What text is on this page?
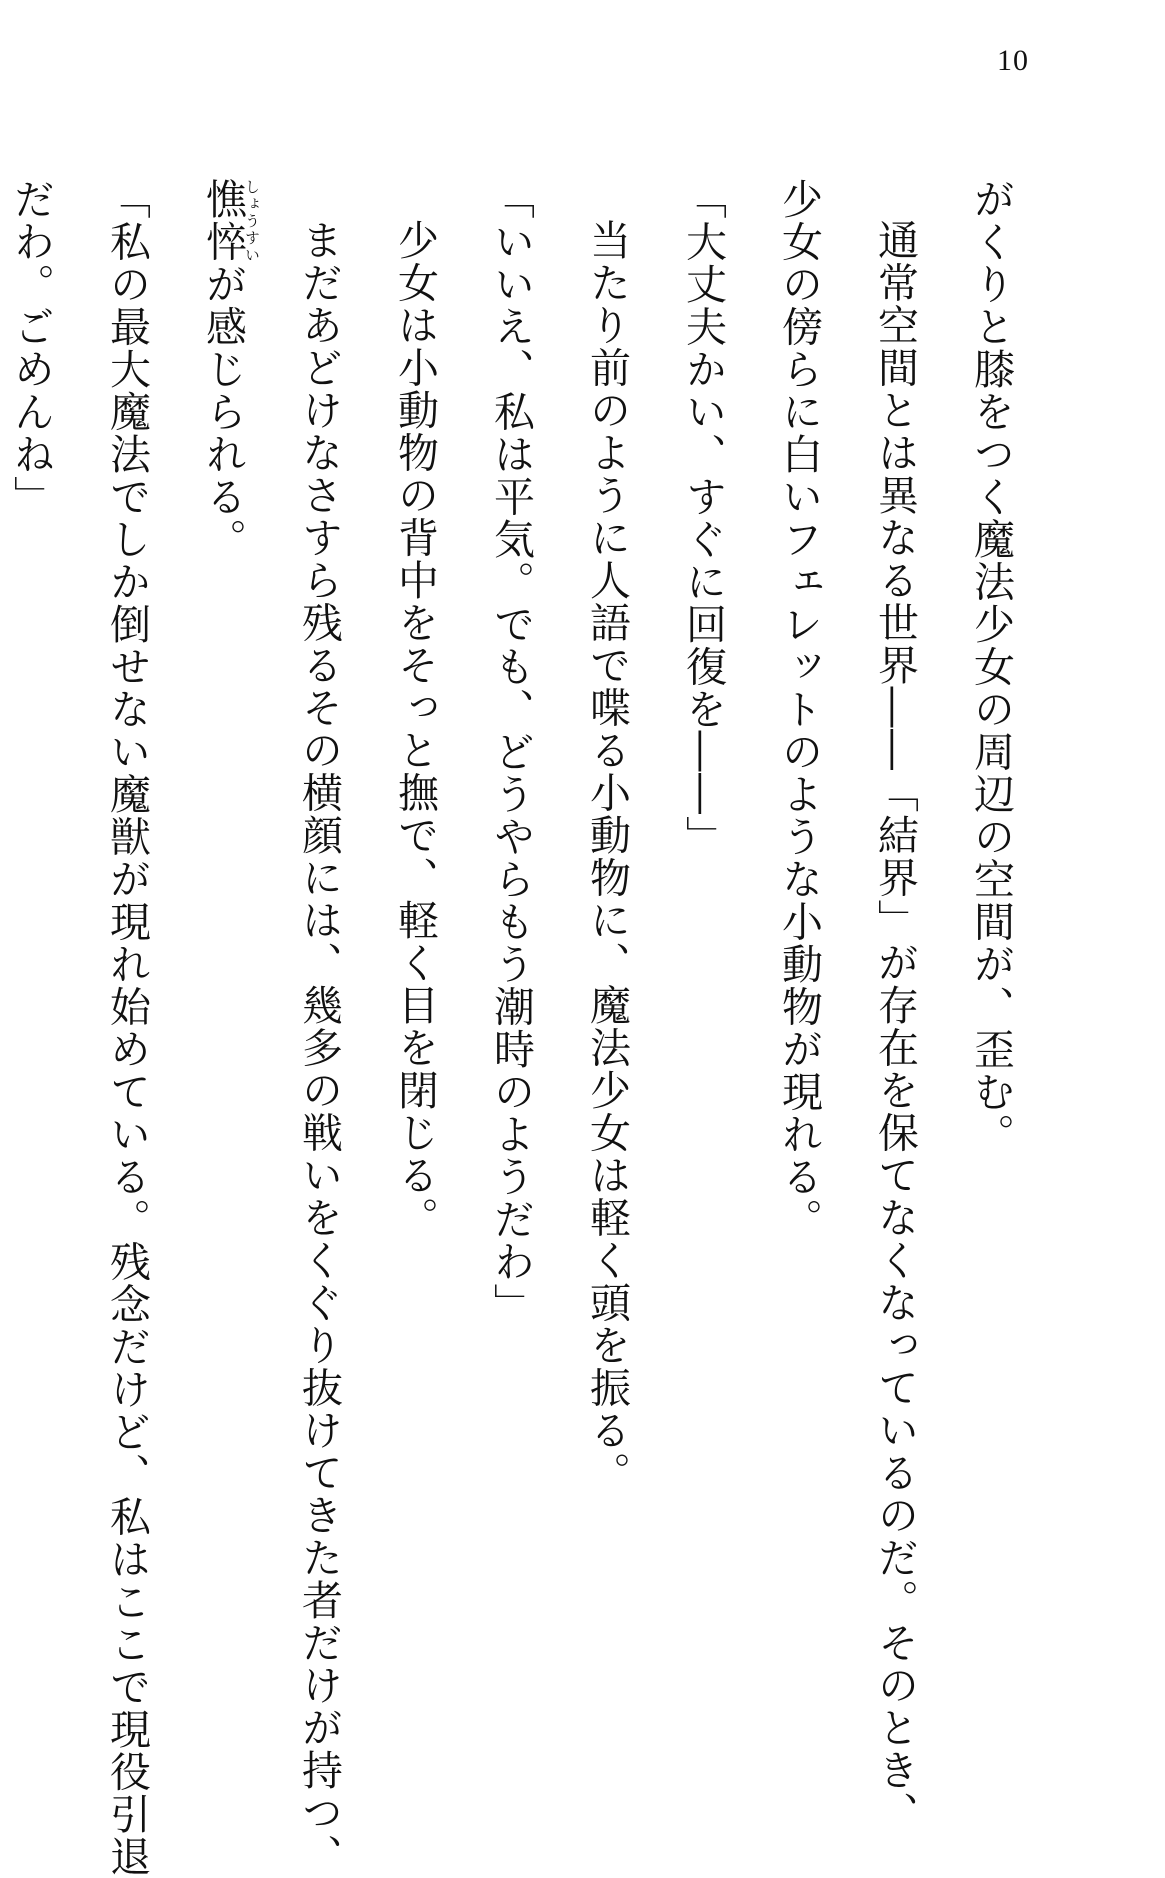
10
がくりと膝をつく魔法少女の周辺の空間が、歪む。
通常空間とは異なる世界――「結界」が存在を保てなくなっているのだ。そのとき、
少女の傍らに白いフェレットのような小動物が現れる。
「大丈夫かい、すぐに回復を――」
当たり前のように人語で喋る小動物に、魔法少女は軽く頭を振る。
「いいえ、私は平気。でも、どうやらもう潮時のようだわ」
少女は小動物の背中をそっと撫で、軽く目を閉じる。
まだあどけなさすら残るその横顔には、幾多の戦いをくぐり抜けてきた者だけが持つ、
憔悴しょうすいが感じられる。
「私の最大魔法でしか倒せない魔獣が現れ始めている。残念だけど、私はここで現役引退
だわ。ごめんね」
